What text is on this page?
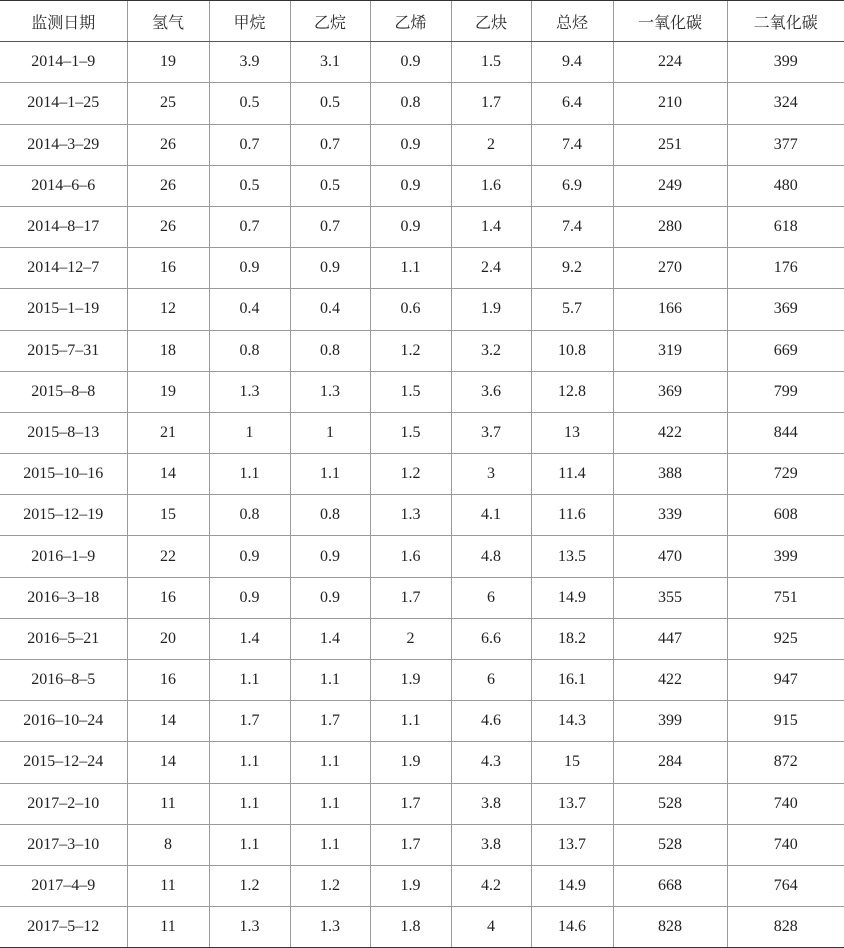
监测日期	氢气	甲烷	乙烷	乙烯	乙炔	总烃	一氧化碳	二氧化碳
2014–1–9	19	3.9	3.1	0.9	1.5	9.4	224	399
2014–1–25	25	0.5	0.5	0.8	1.7	6.4	210	324
2014–3–29	26	0.7	0.7	0.9	2	7.4	251	377
2014–6–6	26	0.5	0.5	0.9	1.6	6.9	249	480
2014–8–17	26	0.7	0.7	0.9	1.4	7.4	280	618
2014–12–7	16	0.9	0.9	1.1	2.4	9.2	270	176
2015–1–19	12	0.4	0.4	0.6	1.9	5.7	166	369
2015–7–31	18	0.8	0.8	1.2	3.2	10.8	319	669
2015–8–8	19	1.3	1.3	1.5	3.6	12.8	369	799
2015–8–13	21	1	1	1.5	3.7	13	422	844
2015–10–16	14	1.1	1.1	1.2	3	11.4	388	729
2015–12–19	15	0.8	0.8	1.3	4.1	11.6	339	608
2016–1–9	22	0.9	0.9	1.6	4.8	13.5	470	399
2016–3–18	16	0.9	0.9	1.7	6	14.9	355	751
2016–5–21	20	1.4	1.4	2	6.6	18.2	447	925
2016–8–5	16	1.1	1.1	1.9	6	16.1	422	947
2016–10–24	14	1.7	1.7	1.1	4.6	14.3	399	915
2015–12–24	14	1.1	1.1	1.9	4.3	15	284	872
2017–2–10	11	1.1	1.1	1.7	3.8	13.7	528	740
2017–3–10	8	1.1	1.1	1.7	3.8	13.7	528	740
2017–4–9	11	1.2	1.2	1.9	4.2	14.9	668	764
2017–5–12	11	1.3	1.3	1.8	4	14.6	828	828
